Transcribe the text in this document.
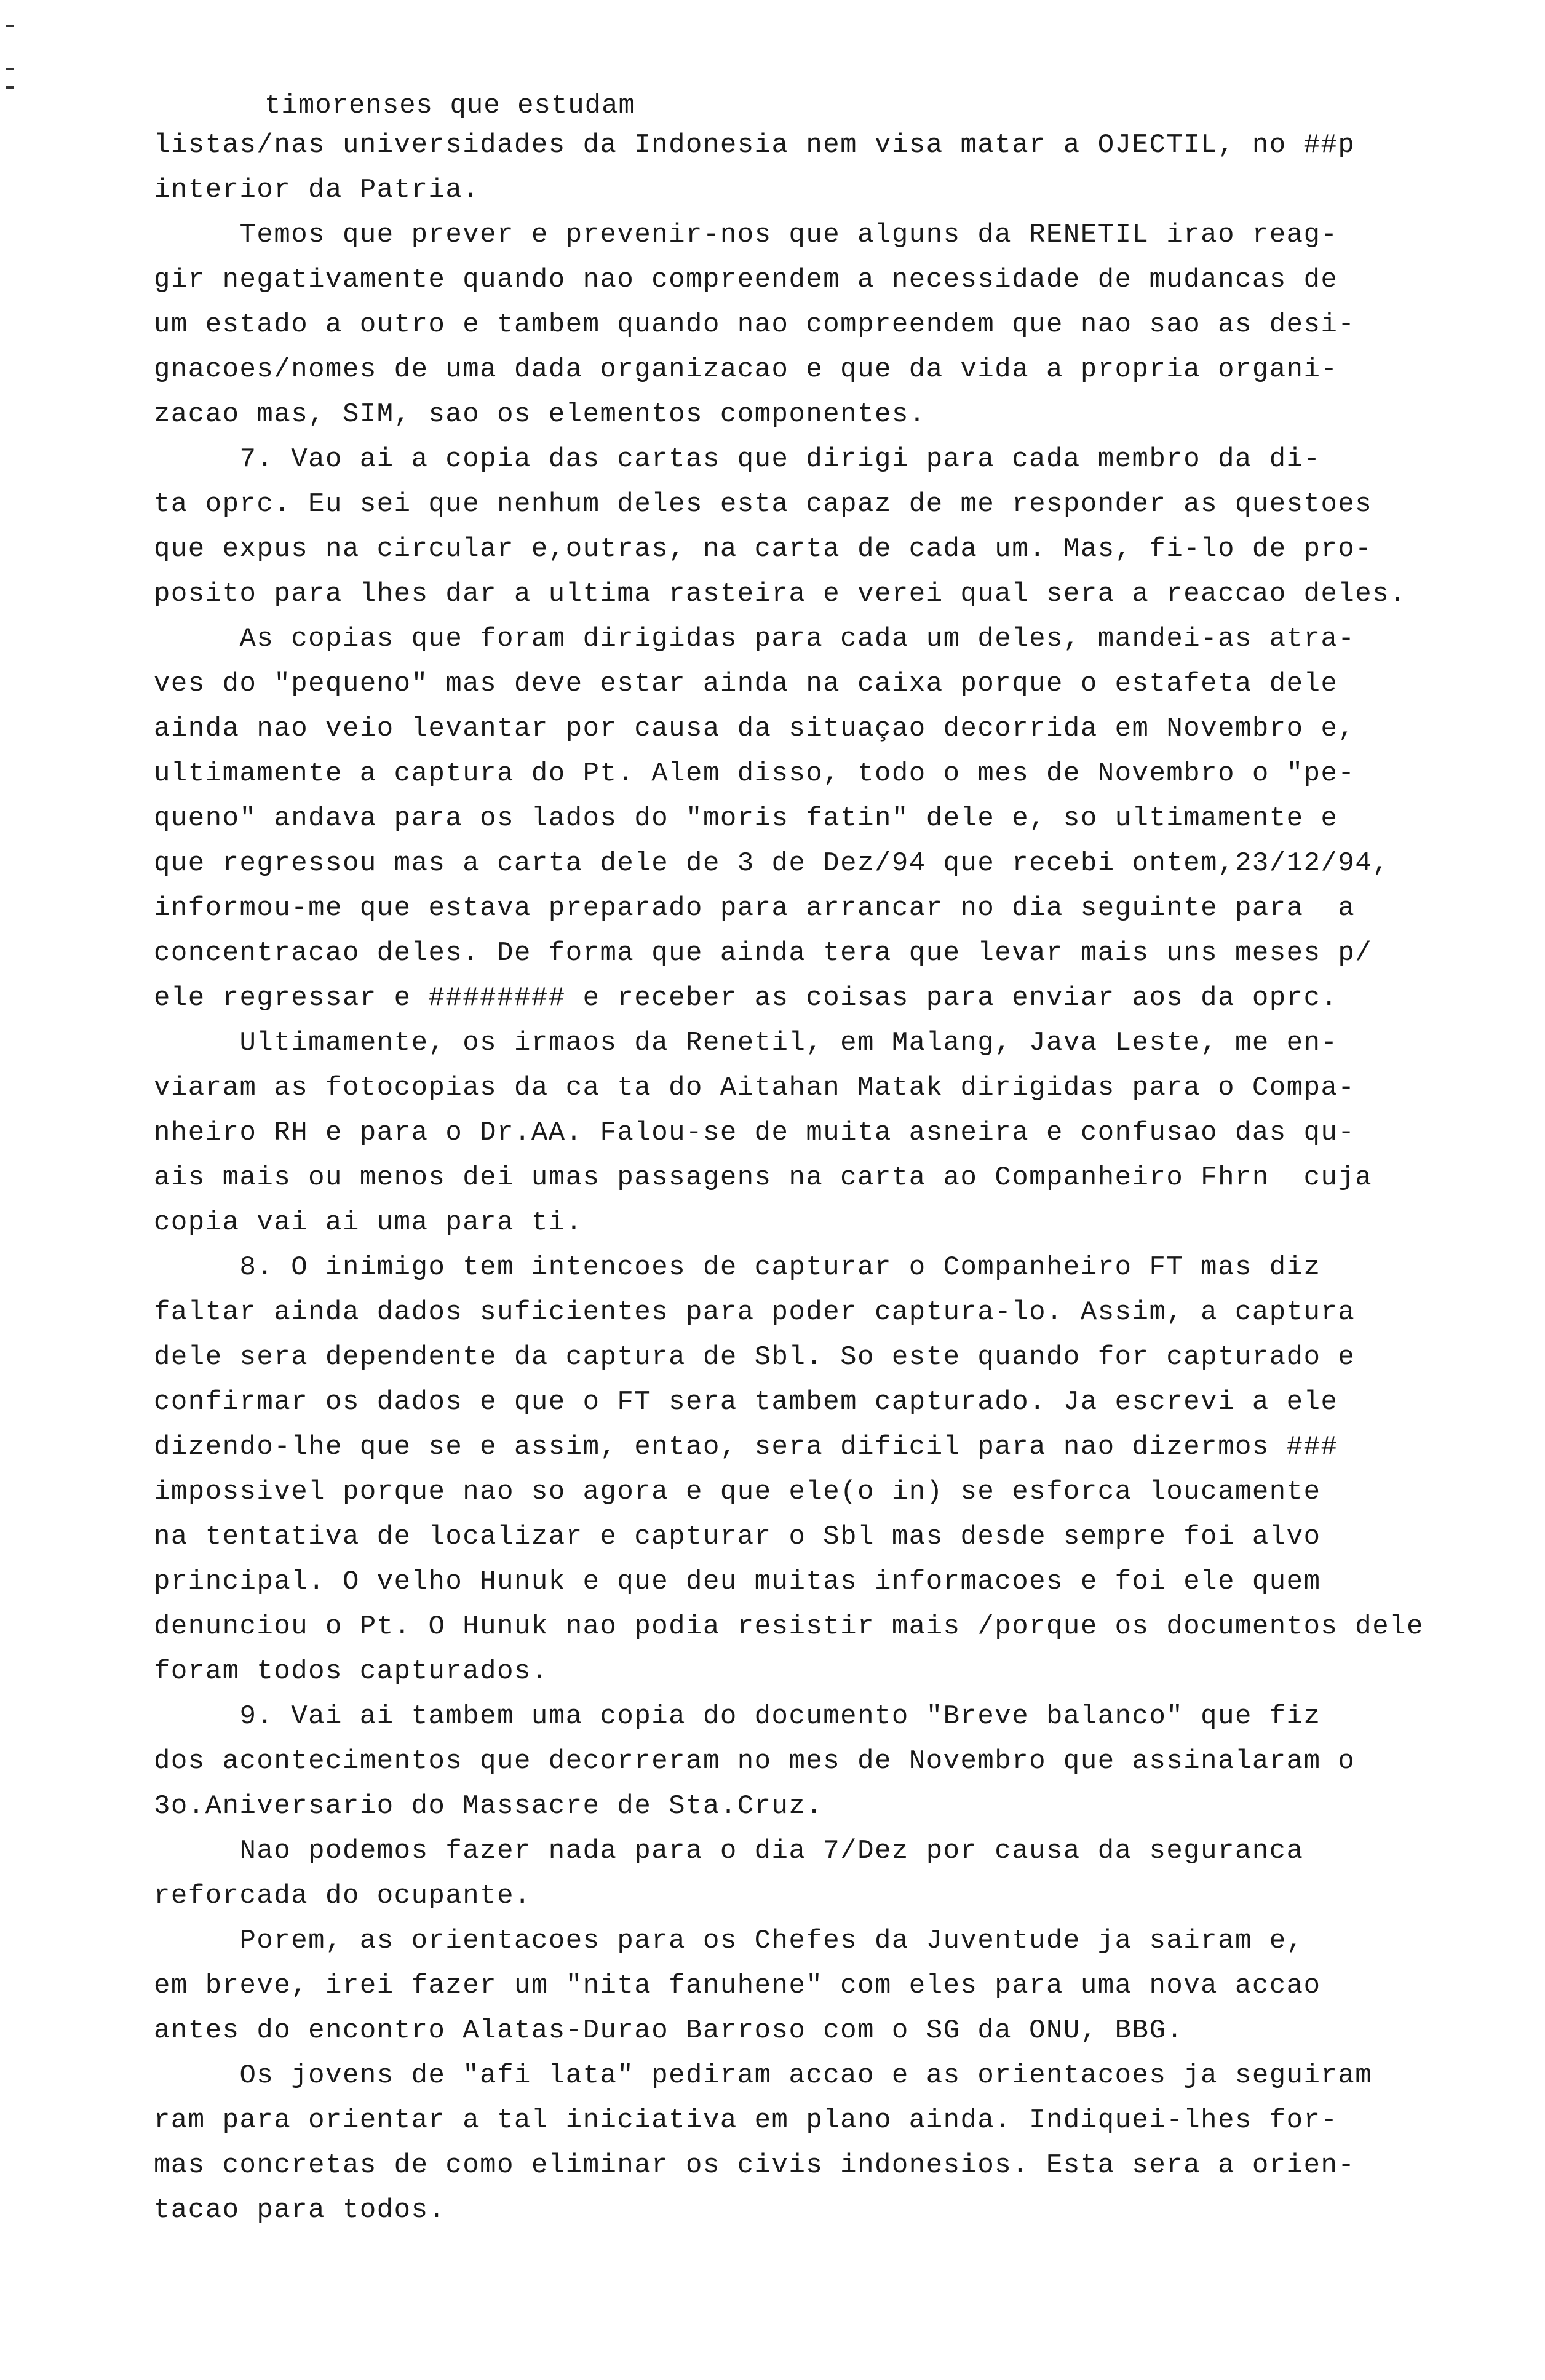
timorenses que estudam
listas/nas universidades da Indonesia nem visa matar a OJECTIL, no ##p
interior da Patria.
Temos que prever e prevenir-nos que alguns da RENETIL irao reag-
gir negativamente quando nao compreendem a necessidade de mudancas de
um estado a outro e tambem quando nao compreendem que nao sao as desi-
gnacoes/nomes de uma dada organizacao e que da vida a propria organi-
zacao mas, SIM, sao os elementos componentes.
7. Vao ai a copia das cartas que dirigi para cada membro da di-
ta oprc. Eu sei que nenhum deles esta capaz de me responder as questoes
que expus na circular e,outras, na carta de cada um. Mas, fi-lo de pro-
posito para lhes dar a ultima rasteira e verei qual sera a reaccao deles.
As copias que foram dirigidas para cada um deles, mandei-as atra-
ves do "pequeno" mas deve estar ainda na caixa porque o estafeta dele
ainda nao veio levantar por causa da situaçao decorrida em Novembro e,
ultimamente a captura do Pt. Alem disso, todo o mes de Novembro o "pe-
queno" andava para os lados do "moris fatin" dele e, so ultimamente e
que regressou mas a carta dele de 3 de Dez/94 que recebi ontem,23/12/94,
informou-me que estava preparado para arrancar no dia seguinte para  a
concentracao deles. De forma que ainda tera que levar mais uns meses p/
ele regressar e ######## e receber as coisas para enviar aos da oprc.
Ultimamente, os irmaos da Renetil, em Malang, Java Leste, me en-
viaram as fotocopias da ca ta do Aitahan Matak dirigidas para o Compa-
nheiro RH e para o Dr.AA. Falou-se de muita asneira e confusao das qu-
ais mais ou menos dei umas passagens na carta ao Companheiro Fhrn  cuja
copia vai ai uma para ti.
8. O inimigo tem intencoes de capturar o Companheiro FT mas diz
faltar ainda dados suficientes para poder captura-lo. Assim, a captura
dele sera dependente da captura de Sbl. So este quando for capturado e
confirmar os dados e que o FT sera tambem capturado. Ja escrevi a ele
dizendo-lhe que se e assim, entao, sera dificil para nao dizermos ###
impossivel porque nao so agora e que ele(o in) se esforca loucamente
na tentativa de localizar e capturar o Sbl mas desde sempre foi alvo
principal. O velho Hunuk e que deu muitas informacoes e foi ele quem
denunciou o Pt. O Hunuk nao podia resistir mais /porque os documentos dele
foram todos capturados.
9. Vai ai tambem uma copia do documento "Breve balanco" que fiz
dos acontecimentos que decorreram no mes de Novembro que assinalaram o
3o.Aniversario do Massacre de Sta.Cruz.
Nao podemos fazer nada para o dia 7/Dez por causa da seguranca
reforcada do ocupante.
Porem, as orientacoes para os Chefes da Juventude ja sairam e,
em breve, irei fazer um "nita fanuhene" com eles para uma nova accao
antes do encontro Alatas-Durao Barroso com o SG da ONU, BBG.
Os jovens de "afi lata" pediram accao e as orientacoes ja seguiram
ram para orientar a tal iniciativa em plano ainda. Indiquei-lhes for-
mas concretas de como eliminar os civis indonesios. Esta sera a orien-
tacao para todos.
